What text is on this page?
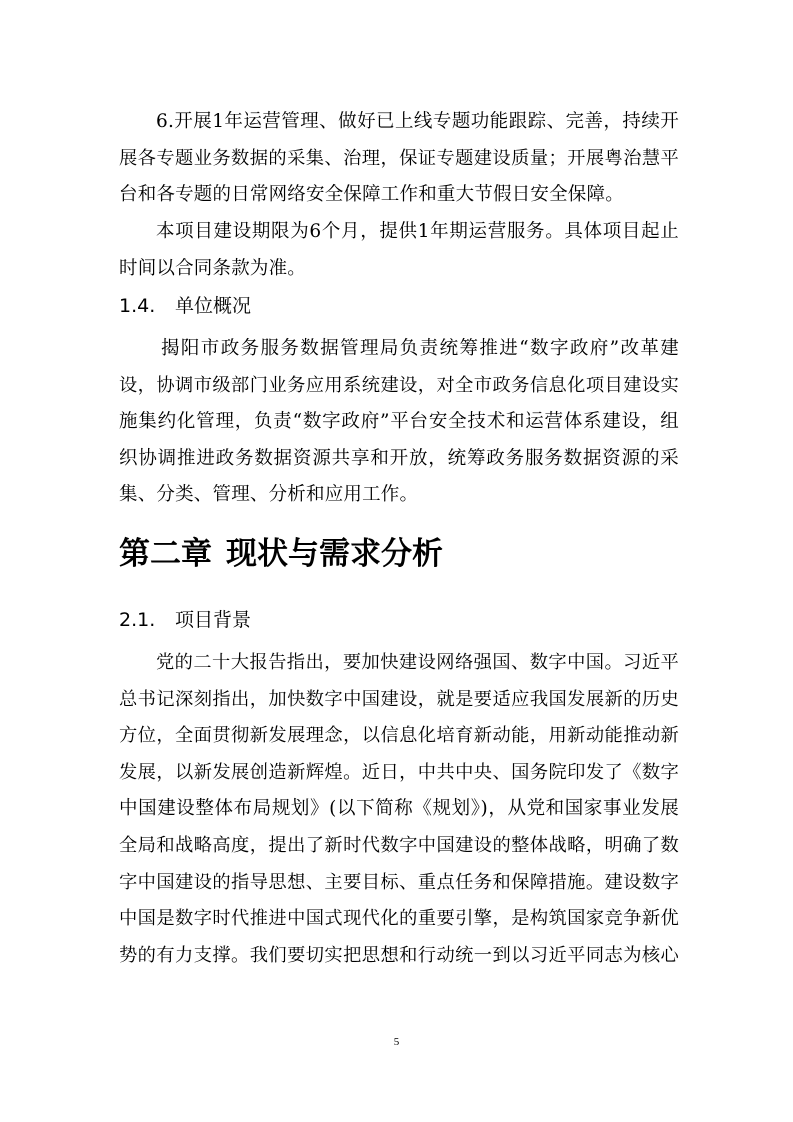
6.开展1年运营管理、做好已上线专题功能跟踪、完善，持续开
展各专题业务数据的采集、治理，保证专题建设质量；开展粤治慧平
台和各专题的日常网络安全保障工作和重大节假日安全保障。
本项目建设期限为6个月，提供1年期运营服务。具体项目起止
时间以合同条款为准。
1.4. 单位概况
揭阳市政务服务数据管理局负责统筹推进“数字政府”改革建
设，协调市级部门业务应用系统建设，对全市政务信息化项目建设实
施集约化管理，负责“数字政府”平台安全技术和运营体系建设，组
织协调推进政务数据资源共享和开放，统筹政务服务数据资源的采
集、分类、管理、分析和应用工作。
第二章 现状与需求分析
2.1. 项目背景
党的二十大报告指出，要加快建设网络强国、数字中国。习近平
总书记深刻指出，加快数字中国建设，就是要适应我国发展新的历史
方位，全面贯彻新发展理念，以信息化培育新动能，用新动能推动新
发展，以新发展创造新辉煌。近日，中共中央、国务院印发了《数字
中国建设整体布局规划》(以下简称《规划》)，从党和国家事业发展
全局和战略高度，提出了新时代数字中国建设的整体战略，明确了数
字中国建设的指导思想、主要目标、重点任务和保障措施。建设数字
中国是数字时代推进中国式现代化的重要引擎，是构筑国家竞争新优
势的有力支撑。我们要切实把思想和行动统一到以习近平同志为核心
5
